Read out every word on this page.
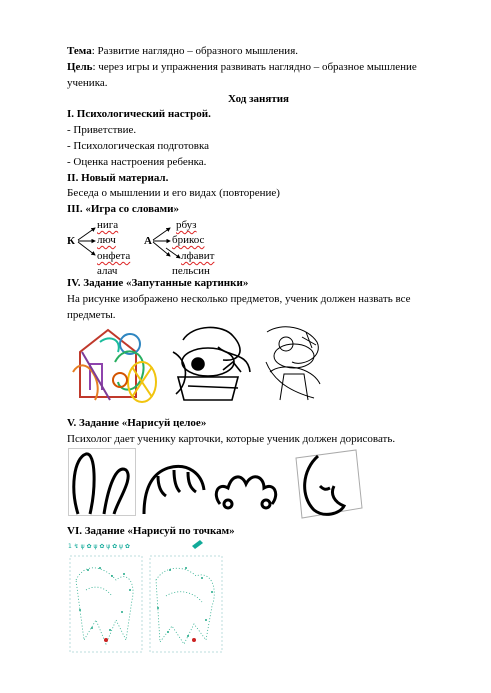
Тема: Развитие наглядно – образного мышления.
Цель: через игры и упражнения развивать наглядно – образное мышление
ученика.
Ход занятия
I. Психологический настрой.
- Приветствие.
- Психологическая подготовка
- Оценка настроения ребенка.
II. Новый материал.
Беседа о мышлении и его видах (повторение)
III. «Игра со словами»
К
нига
люч
онфета
алач
А
рбуз
брикос
лфавит
пельсин
IV. Задание «Запутанные картинки»
На рисунке изображено несколько предметов, ученик должен назвать все
предметы.
V. Задание «Нарисуй целое»
Психолог дает ученику карточки, которые ученик должен дорисовать.
VI. Задание «Нарисуй по точкам»
1 ↯ ψ ✿ ψ ✿ ψ ✿ ψ ✿
